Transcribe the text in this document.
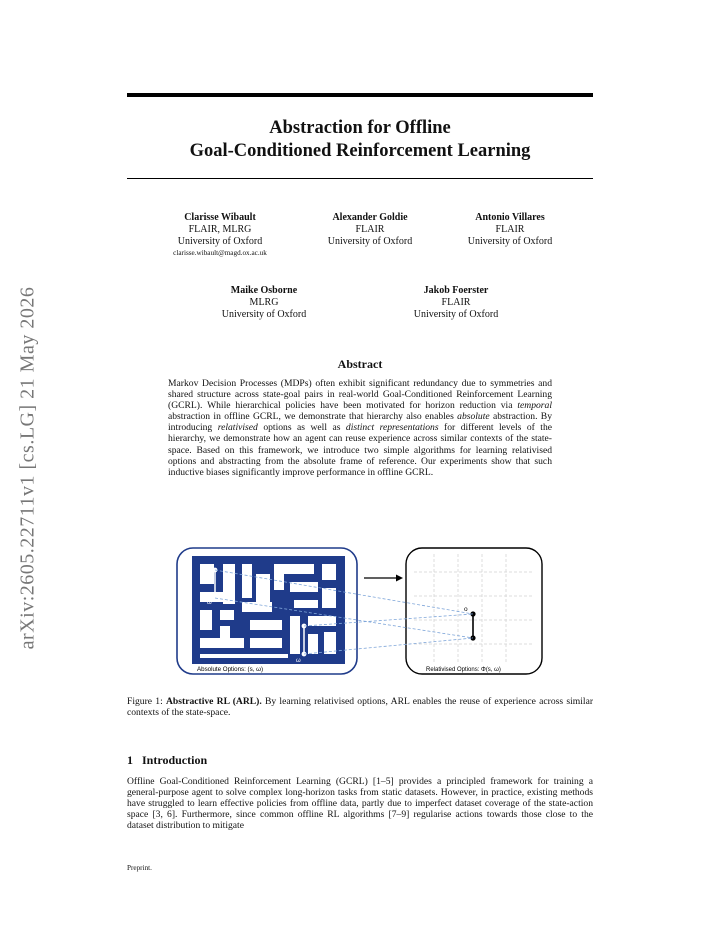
arXiv:2605.22711v1 [cs.LG] 21 May 2026
Abstraction for Offline
Goal-Conditioned Reinforcement Learning
Clarisse Wibault
FLAIR, MLRG
University of Oxford
clarisse.wibault@magd.ox.ac.uk
Alexander Goldie
FLAIR
University of Oxford
Antonio Villares
FLAIR
University of Oxford
Maike Osborne
MLRG
University of Oxford
Jakob Foerster
FLAIR
University of Oxford
Abstract
Markov Decision Processes (MDPs) often exhibit significant redundancy due to symmetries and shared structure across state-goal pairs in real-world Goal-Conditioned Reinforcement Learning (GCRL). While hierarchical policies have been motivated for horizon reduction via temporal abstraction in offline GCRL, we demonstrate that hierarchy also enables absolute abstraction. By introducing relativised options as well as distinct representations for different levels of the hierarchy, we demonstrate how an agent can reuse experience across similar contexts of the state-space. Based on this framework, we introduce two simple algorithms for learning relativised options and abstracting from the absolute frame of reference. Our experiments show that such inductive biases significantly improve performance in offline GCRL.
s
ω
s'
ω
Absolute Options: (s, ω)
o
Relativised Options: Φ(s, ω)
Figure 1: Abstractive RL (ARL). By learning relativised options, ARL enables the reuse of experience across similar contexts of the state-space.
1 Introduction
Offline Goal-Conditioned Reinforcement Learning (GCRL) [1–5] provides a principled framework for training a general-purpose agent to solve complex long-horizon tasks from static datasets. However, in practice, existing methods have struggled to learn effective policies from offline data, partly due to imperfect dataset coverage of the state-action space [3, 6]. Furthermore, since common offline RL algorithms [7–9] regularise actions towards those close to the dataset distribution to mitigate
Preprint.
